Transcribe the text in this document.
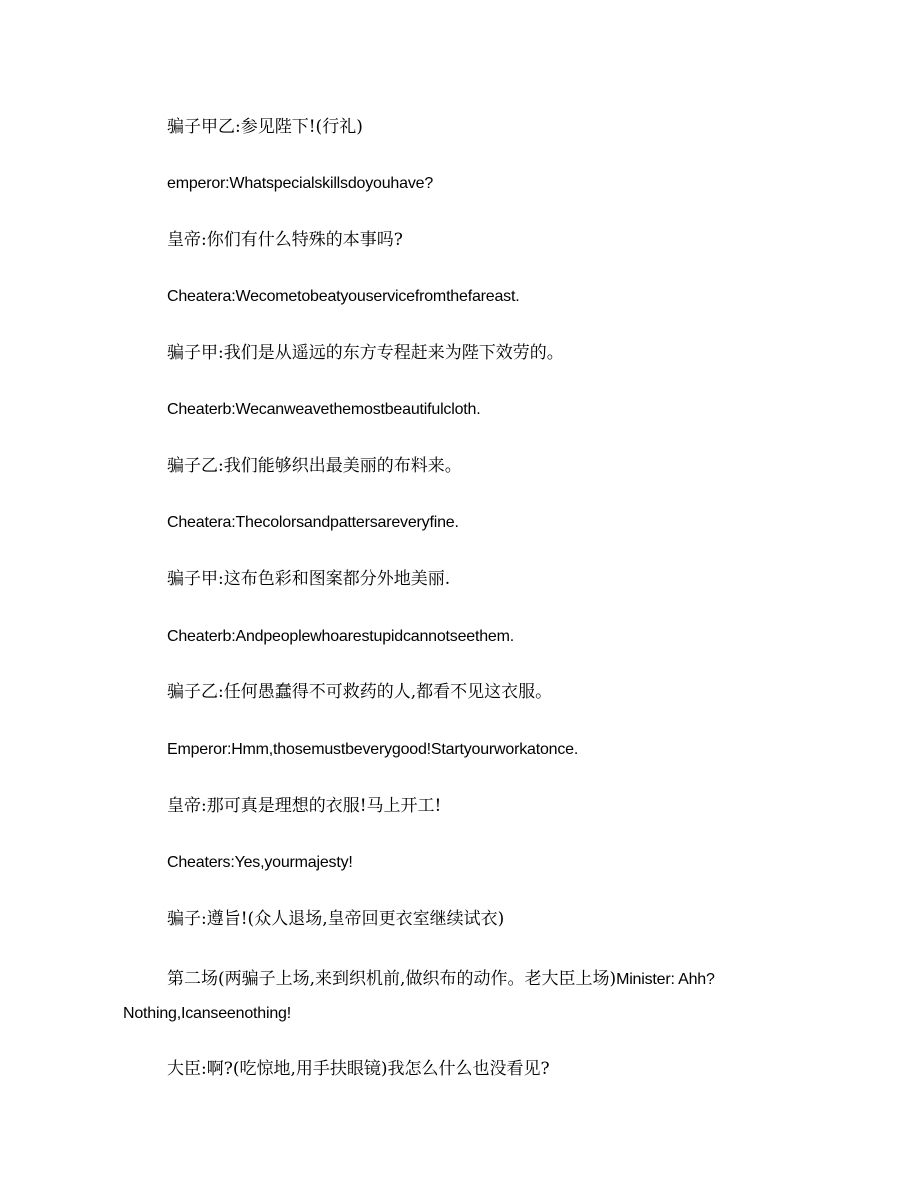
骗子甲乙:参见陛下!(行礼)
emperor:Whatspecialskillsdoyouhave?
皇帝:你们有什么特殊的本事吗?
Cheatera:Wecometobeatyouservicefromthefareast.
骗子甲:我们是从遥远的东方专程赶来为陛下效劳的。
Cheaterb:Wecanweavethemostbeautifulcloth.
骗子乙:我们能够织出最美丽的布料来。
Cheatera:Thecolorsandpattersareveryfine.
骗子甲:这布色彩和图案都分外地美丽.
Cheaterb:Andpeoplewhoarestupidcannotseethem.
骗子乙:任何愚蠢得不可救药的人,都看不见这衣服。
Emperor:Hmm,thosemustbeverygood!Startyourworkatonce.
皇帝:那可真是理想的衣服!马上开工!
Cheaters:Yes,yourmajesty!
骗子:遵旨!(众人退场,皇帝回更衣室继续试衣)
第二场(两骗子上场,来到织机前,做织布的动作。老大臣上场)Minister: Ahh?Nothing,Icanseenothing!
大臣:啊?(吃惊地,用手扶眼镜)我怎么什么也没看见?
